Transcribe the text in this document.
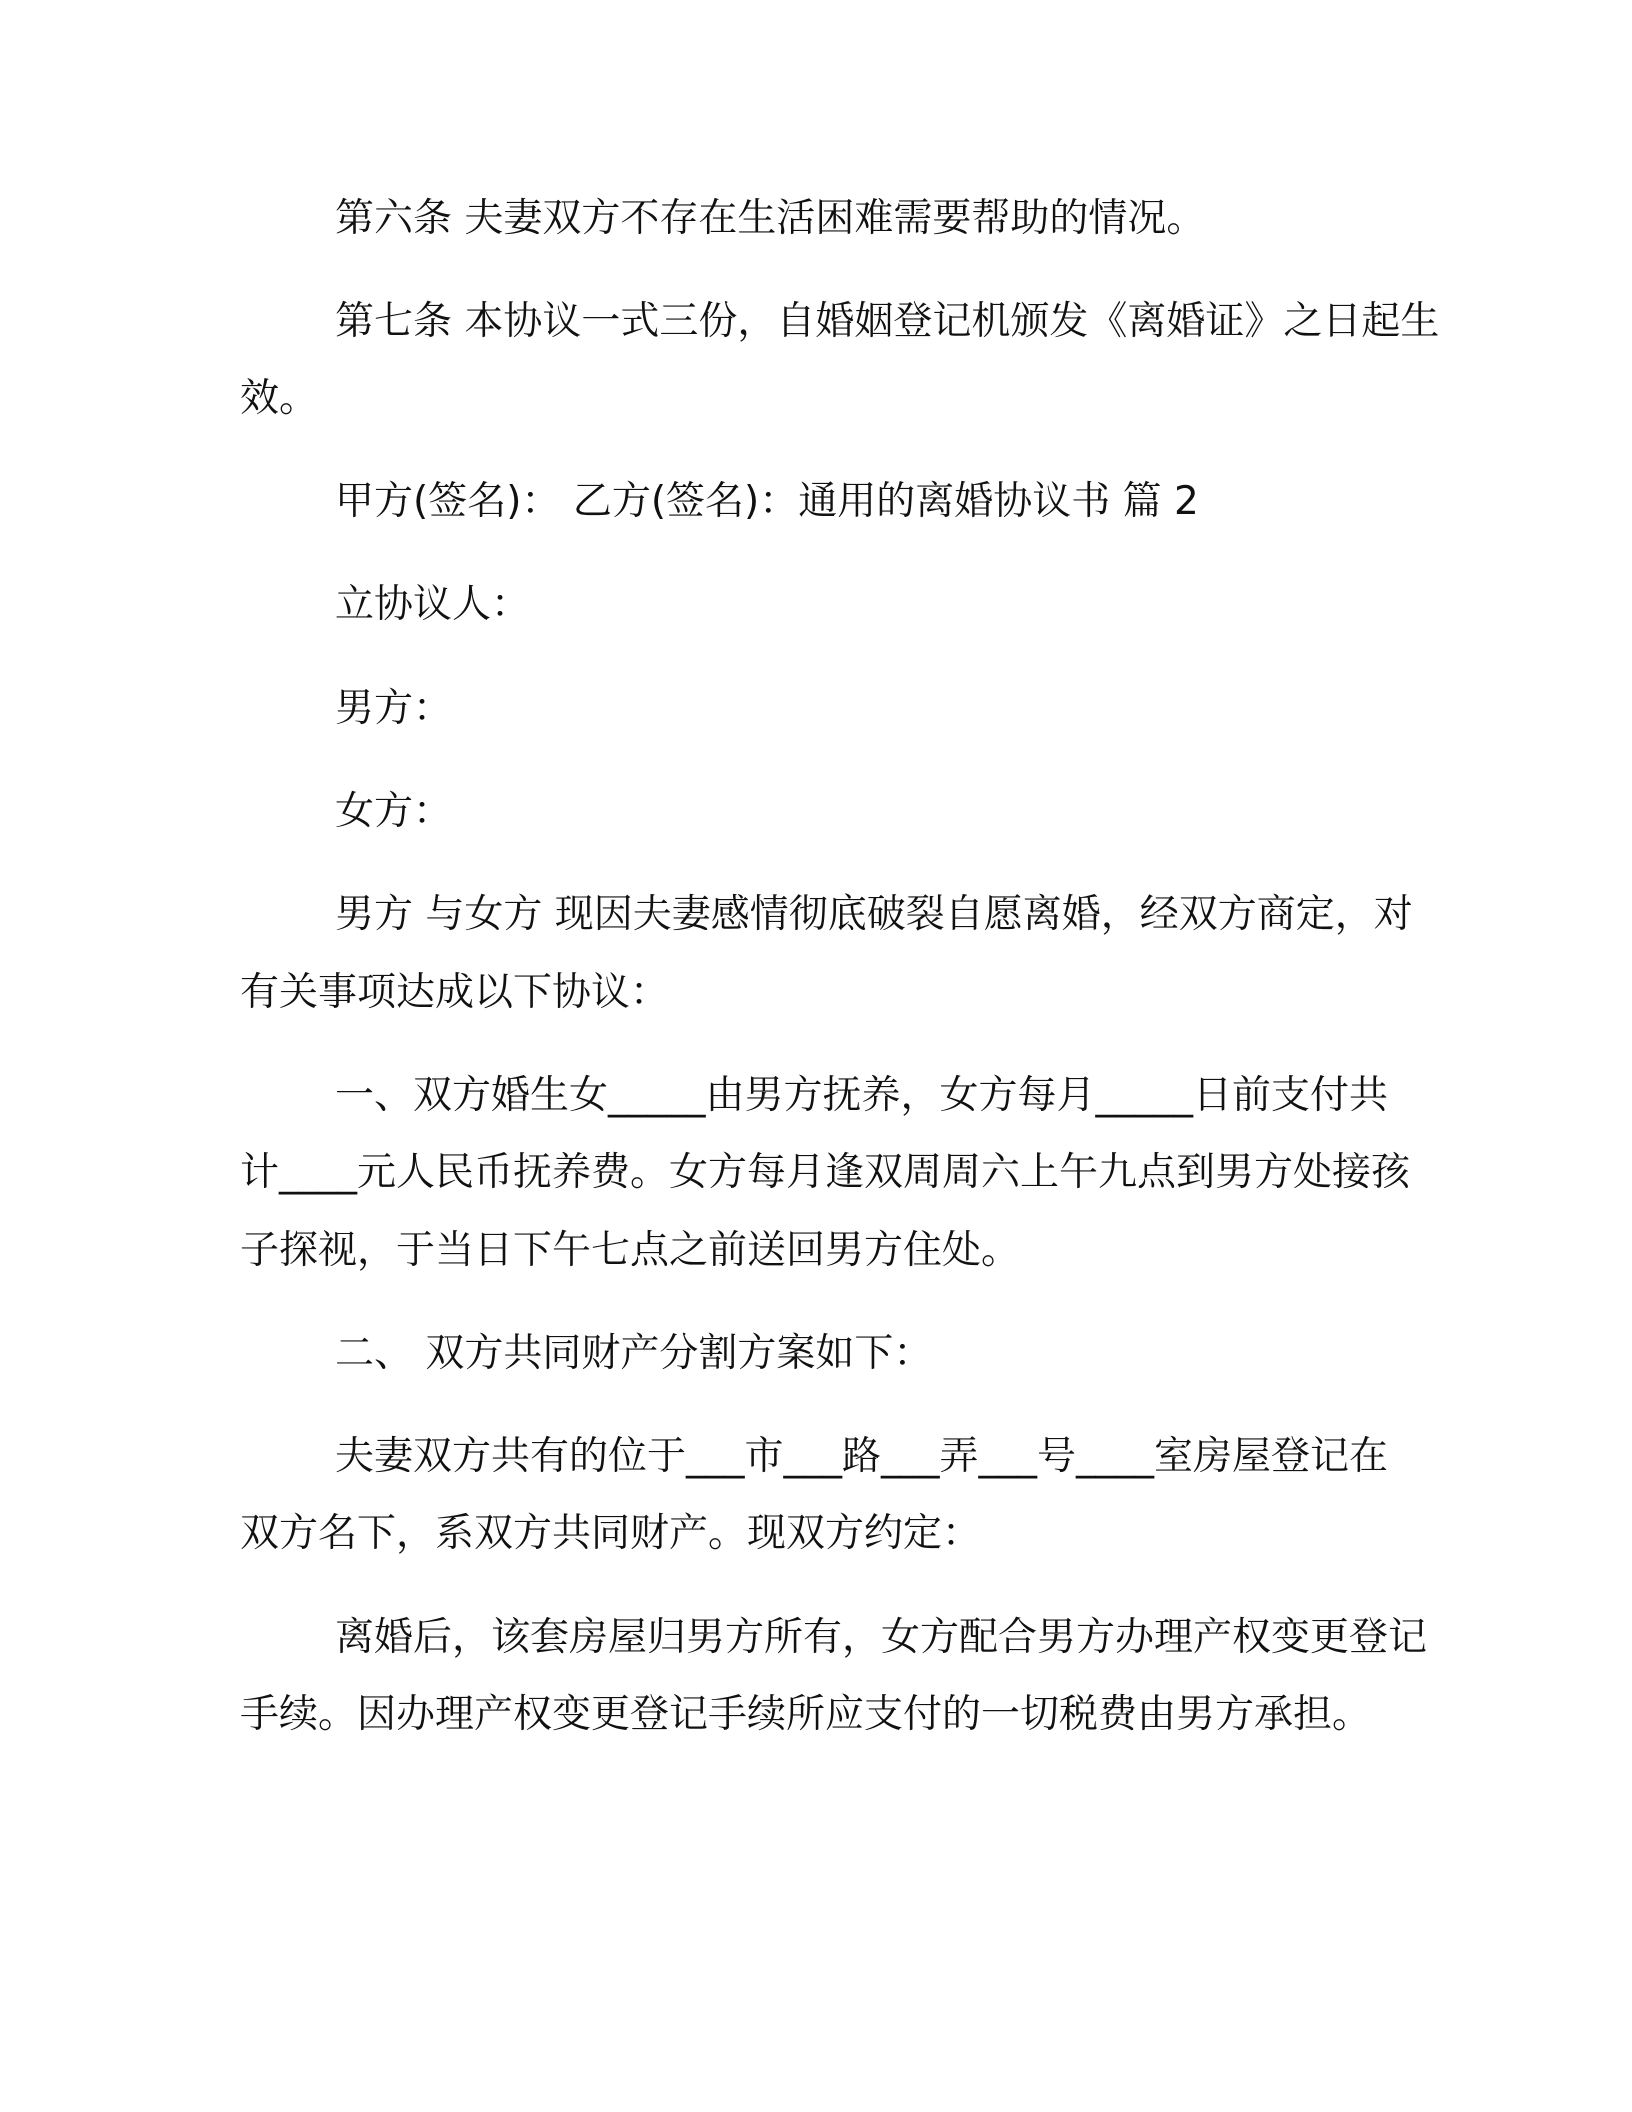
第六条 夫妻双方不存在生活困难需要帮助的情况。

第七条 本协议一式三份，自婚姻登记机颁发《离婚证》之日起生

效。

甲方(签名)： 乙方(签名)：通用的离婚协议书 篇 2

立协议人：

男方：

女方：

男方 与女方 现因夫妻感情彻底破裂自愿离婚，经双方商定，对

有关事项达成以下协议：

一、双方婚生女_____由男方抚养，女方每月_____日前支付共

计____元人民币抚养费。女方每月逢双周周六上午九点到男方处接孩

子探视，于当日下午七点之前送回男方住处。

二、 双方共同财产分割方案如下：

夫妻双方共有的位于___市___路___弄___号____室房屋登记在

双方名下，系双方共同财产。现双方约定：

离婚后，该套房屋归男方所有，女方配合男方办理产权变更登记

手续。因办理产权变更登记手续所应支付的一切税费由男方承担。
